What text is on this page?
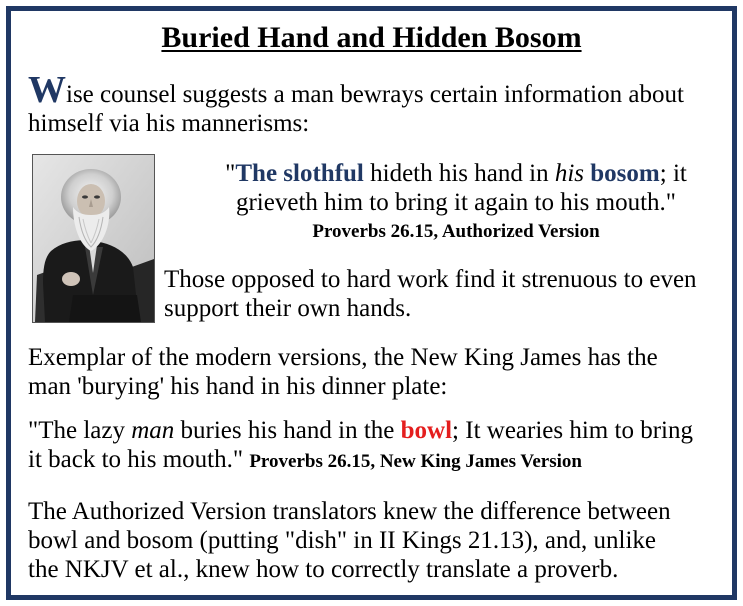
Buried Hand and Hidden Bosom
Wise counsel suggests a man bewrays certain information about
himself via his mannerisms:
"The slothful hideth his hand in his bosom; it
grieveth him to bring it again to his mouth."
Proverbs 26.15, Authorized Version
Those opposed to hard work find it strenuous to even
support their own hands.
Exemplar of the modern versions, the New King James has the
man 'burying' his hand in his dinner plate:
"The lazy man buries his hand in the bowl; It wearies him to bring
it back to his mouth." Proverbs 26.15, New King James Version
The Authorized Version translators knew the difference between
bowl and bosom (putting "dish" in II Kings 21.13), and, unlike
the NKJV et al., knew how to correctly translate a proverb.
